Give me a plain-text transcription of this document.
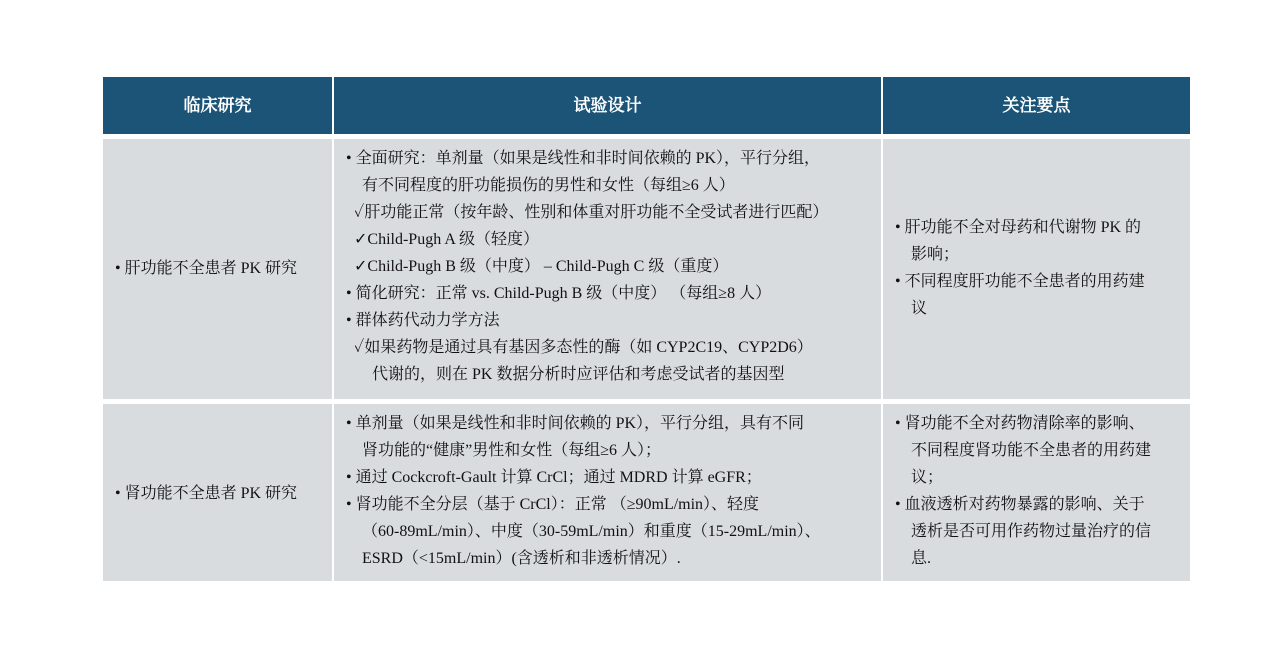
临床研究	试验设计	关注要点
• 肝功能不全患者 PK 研究
• 全面研究：单剂量（如果是线性和非时间依赖的 PK），平行分组，
有不同程度的肝功能损伤的男性和女性（每组≥6 人）
✓肝功能正常（按年龄、性别和体重对肝功能不全受试者进行匹配）
✓Child-Pugh A 级（轻度）
✓Child-Pugh B 级（中度） – Child-Pugh C 级（重度）
• 简化研究：正常 vs. Child-Pugh B 级（中度） （每组≥8 人）
• 群体药代动力学方法
✓如果药物是通过具有基因多态性的酶（如 CYP2C19、CYP2D6）
代谢的，则在 PK 数据分析时应评估和考虑受试者的基因型
• 肝功能不全对母药和代谢物 PK 的
影响；
• 不同程度肝功能不全患者的用药建
议
• 肾功能不全患者 PK 研究
• 单剂量（如果是线性和非时间依赖的 PK），平行分组，具有不同
肾功能的“健康”男性和女性（每组≥6 人）；
• 通过 Cockcroft-Gault 计算 CrCl；通过 MDRD 计算 eGFR；
• 肾功能不全分层（基于 CrCl）：正常 （≥90mL/min）、轻度
（60-89mL/min）、中度（30-59mL/min）和重度（15-29mL/min）、
ESRD（<15mL/min）(含透析和非透析情况）.
• 肾功能不全对药物清除率的影响、
不同程度肾功能不全患者的用药建
议；
• 血液透析对药物暴露的影响、关于
透析是否可用作药物过量治疗的信
息.
